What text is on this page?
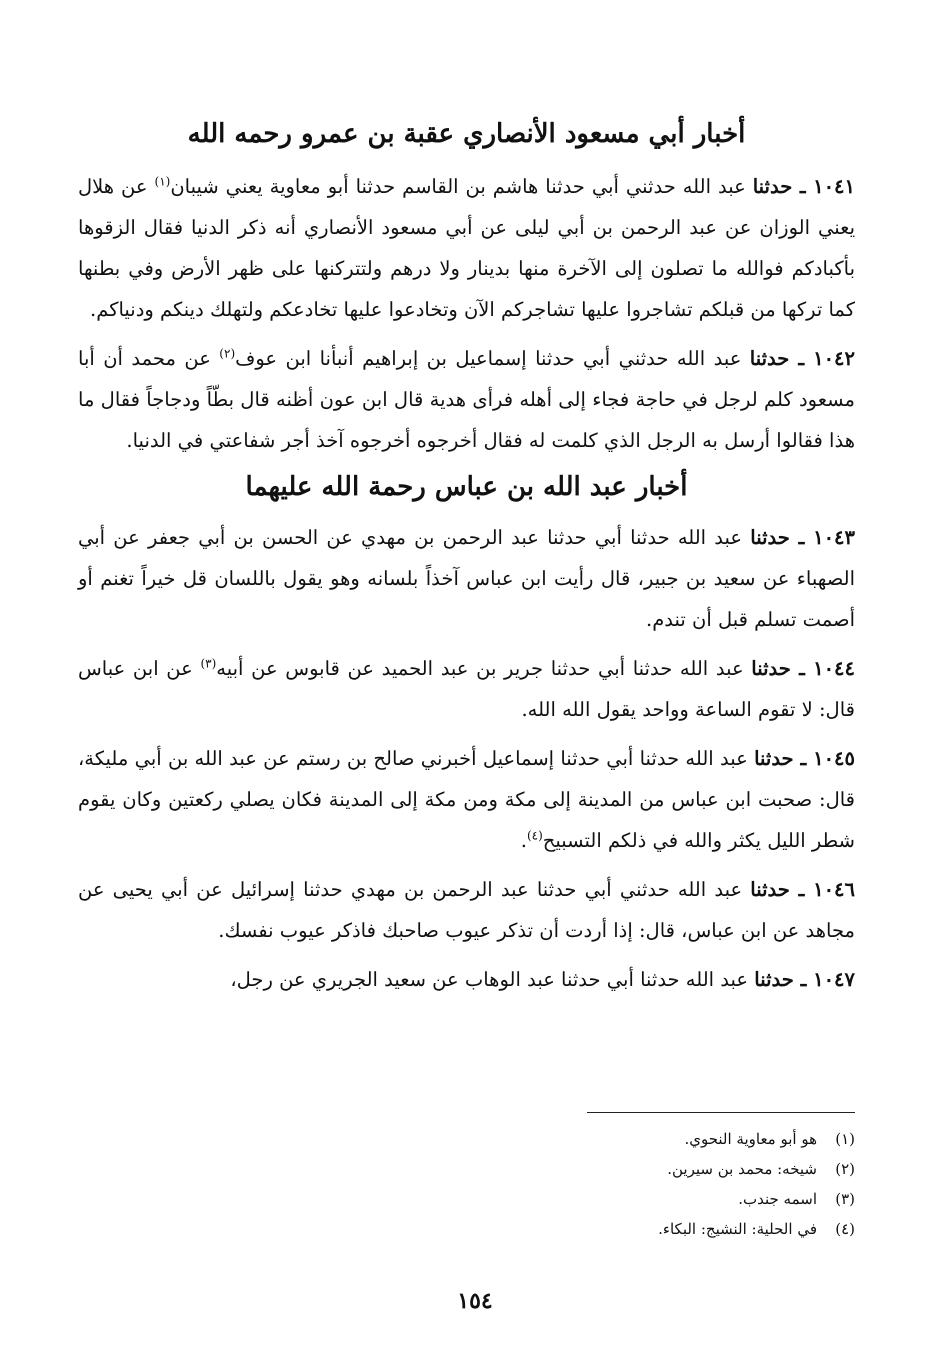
أخبار أبي مسعود الأنصاري عقبة بن عمرو رحمه الله

١٠٤١ ـ حدثنا عبد الله حدثني أبي حدثنا هاشم بن القاسم حدثنا أبو معاوية يعني شيبان$^{(١)}$ عن هلال يعني الوزان عن عبد الرحمن بن أبي ليلى عن أبي مسعود الأنصاري أنه ذكر الدنيا فقال الزقوها بأكبادكم فوالله ما تصلون إلى الآخرة منها بدينار ولا درهم ولتتركنها على ظهر الأرض وفي بطنها كما تركها من قبلكم تشاجروا عليها تشاجركم الآن وتخادعوا عليها تخادعكم ولتهلك دينكم ودنياكم.

١٠٤٢ ـ حدثنا عبد الله حدثني أبي حدثنا إسماعيل بن إبراهيم أنبأنا ابن عوف$^{(٢)}$ عن محمد أن أبا مسعود كلم لرجل في حاجة فجاء إلى أهله فرأى هدية قال ابن عون أظنه قال بطّاً ودجاجاً فقال ما هذا فقالوا أرسل به الرجل الذي كلمت له فقال أخرجوه أخرجوه آخذ أجر شفاعتي في الدنيا.

أخبار عبد الله بن عباس رحمة الله عليهما

١٠٤٣ ـ حدثنا عبد الله حدثنا أبي حدثنا عبد الرحمن بن مهدي عن الحسن بن أبي جعفر عن أبي الصهباء عن سعيد بن جبير، قال رأيت ابن عباس آخذاً بلسانه وهو يقول باللسان قل خيراً تغنم أو أصمت تسلم قبل أن تندم.

١٠٤٤ ـ حدثنا عبد الله حدثنا أبي حدثنا جرير بن عبد الحميد عن قابوس عن أبيه$^{(٣)}$ عن ابن عباس قال: لا تقوم الساعة وواحد يقول الله الله.

١٠٤٥ ـ حدثنا عبد الله حدثنا أبي حدثنا إسماعيل أخبرني صالح بن رستم عن عبد الله بن أبي مليكة، قال: صحبت ابن عباس من المدينة إلى مكة ومن مكة إلى المدينة فكان يصلي ركعتين وكان يقوم شطر الليل يكثر والله في ذلكم التسبيح$^{(٤)}$.

١٠٤٦ ـ حدثنا عبد الله حدثني أبي حدثنا عبد الرحمن بن مهدي حدثنا إسرائيل عن أبي يحيى عن مجاهد عن ابن عباس، قال: إذا أردت أن تذكر عيوب صاحبك فاذكر عيوب نفسك.

١٠٤٧ ـ حدثنا عبد الله حدثنا أبي حدثنا عبد الوهاب عن سعيد الجريري عن رجل،

(١)هو أبو معاوية النحوي.

(٢)شيخه: محمد بن سيرين.

(٣)اسمه جندب.

(٤)في الحلية: النشيج: البكاء.

١٥٤
